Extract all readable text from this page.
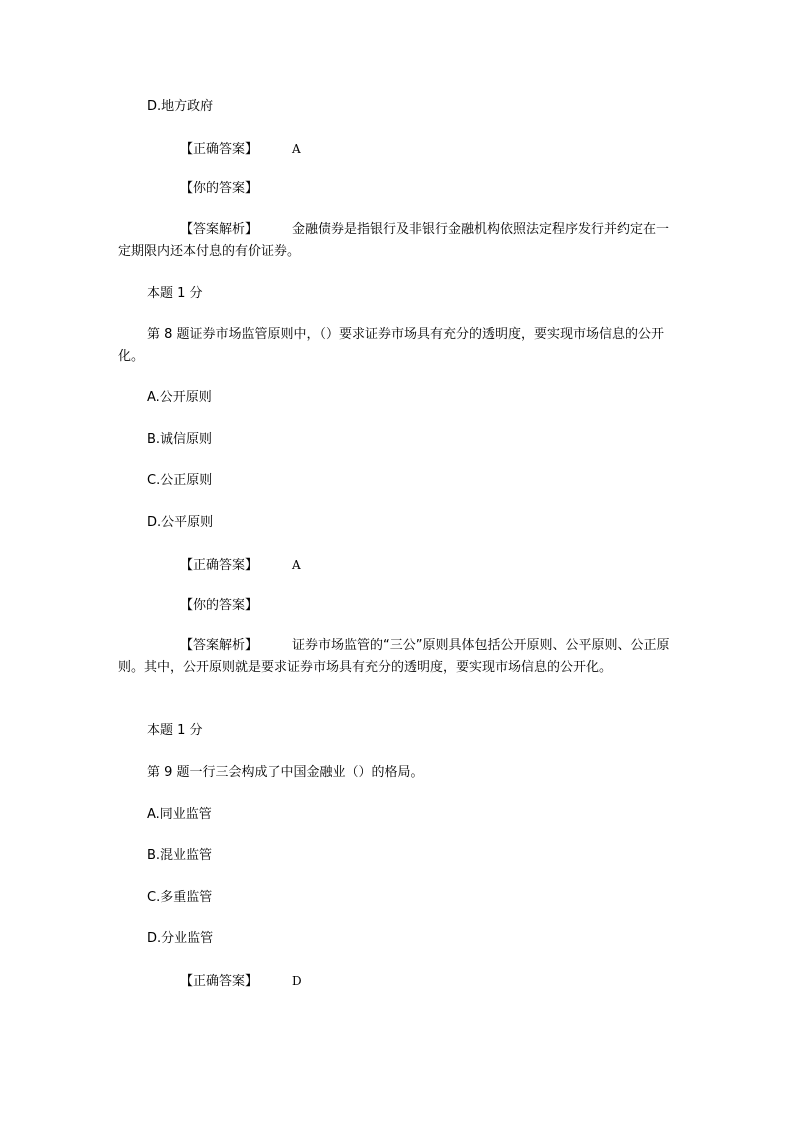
D.地方政府
【正确答案】	A
【你的答案】
【答案解析】	金融债券是指银行及非银行金融机构依照法定程序发行并约定在一定期限内还本付息的有价证券。
本题 1 分
第 8 题证券市场监管原则中，（）要求证券市场具有充分的透明度，要实现市场信息的公开化。
A.公开原则
B.诚信原则
C.公正原则
D.公平原则
【正确答案】	A
【你的答案】
【答案解析】	证券市场监管的“三公”原则具体包括公开原则、公平原则、公正原则。其中，公开原则就是要求证券市场具有充分的透明度，要实现市场信息的公开化。
本题 1 分
第 9 题一行三会构成了中国金融业（）的格局。
A.同业监管
B.混业监管
C.多重监管
D.分业监管
【正确答案】	D
